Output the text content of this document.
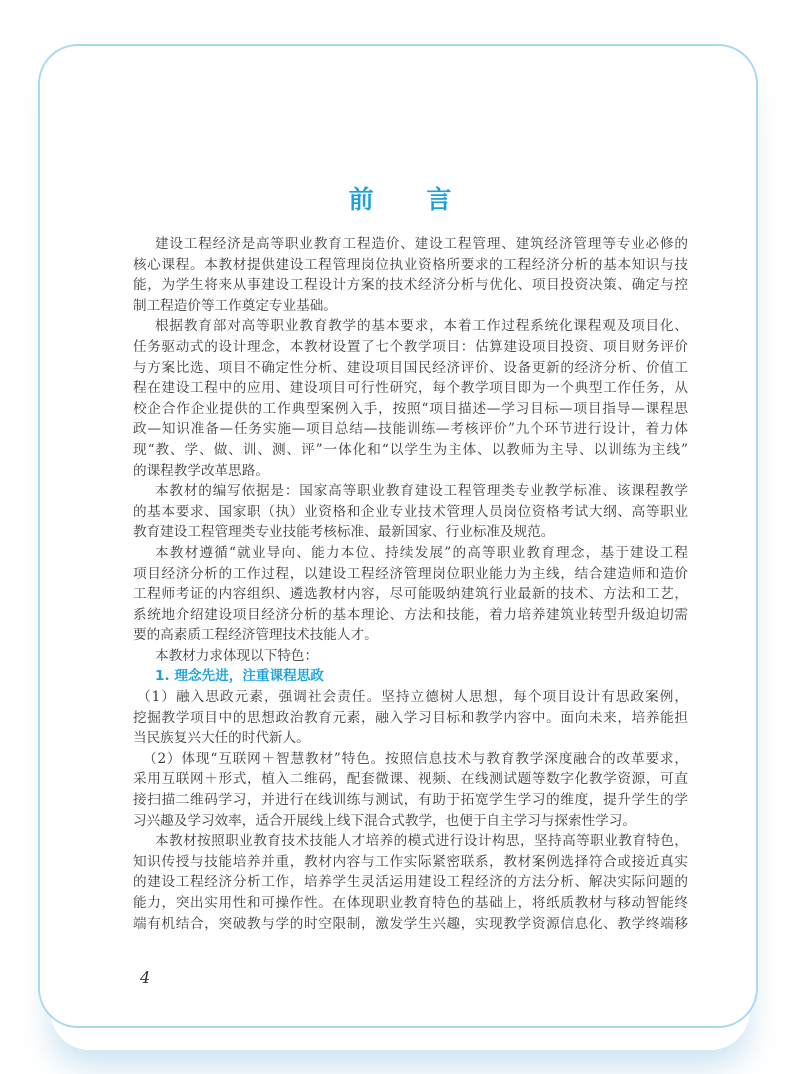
前 言
建设工程经济是高等职业教育工程造价、建设工程管理、建筑经济管理等专业必修的
核心课程。本教材提供建设工程管理岗位执业资格所要求的工程经济分析的基本知识与技
能，为学生将来从事建设工程设计方案的技术经济分析与优化、项目投资决策、确定与控
制工程造价等工作奠定专业基础。
根据教育部对高等职业教育教学的基本要求，本着工作过程系统化课程观及项目化、
任务驱动式的设计理念，本教材设置了七个教学项目：估算建设项目投资、项目财务评价
与方案比选、项目不确定性分析、建设项目国民经济评价、设备更新的经济分析、价值工
程在建设工程中的应用、建设项目可行性研究，每个教学项目即为一个典型工作任务，从
校企合作企业提供的工作典型案例入手，按照“项目描述—学习目标—项目指导—课程思
政—知识准备—任务实施—项目总结—技能训练—考核评价”九个环节进行设计，着力体
现“教、学、做、训、测、评”一体化和“以学生为主体、以教师为主导、以训练为主线”
的课程教学改革思路。
本教材的编写依据是：国家高等职业教育建设工程管理类专业教学标准、该课程教学
的基本要求、国家职（执）业资格和企业专业技术管理人员岗位资格考试大纲、高等职业
教育建设工程管理类专业技能考核标准、最新国家、行业标准及规范。
本教材遵循“就业导向、能力本位、持续发展”的高等职业教育理念，基于建设工程
项目经济分析的工作过程，以建设工程经济管理岗位职业能力为主线，结合建造师和造价
工程师考证的内容组织、遴选教材内容，尽可能吸纳建筑行业最新的技术、方法和工艺，
系统地介绍建设项目经济分析的基本理论、方法和技能，着力培养建筑业转型升级迫切需
要的高素质工程经济管理技术技能人才。
本教材力求体现以下特色：
1. 理念先进，注重课程思政
（1）融入思政元素，强调社会责任。坚持立德树人思想，每个项目设计有思政案例，
挖掘教学项目中的思想政治教育元素，融入学习目标和教学内容中。面向未来，培养能担
当民族复兴大任的时代新人。
（2）体现“互联网＋智慧教材”特色。按照信息技术与教育教学深度融合的改革要求，
采用互联网＋形式，植入二维码，配套微课、视频、在线测试题等数字化教学资源，可直
接扫描二维码学习，并进行在线训练与测试，有助于拓宽学生学习的维度，提升学生的学
习兴趣及学习效率，适合开展线上线下混合式教学，也便于自主学习与探索性学习。
本教材按照职业教育技术技能人才培养的模式进行设计构思，坚持高等职业教育特色，
知识传授与技能培养并重，教材内容与工作实际紧密联系，教材案例选择符合或接近真实
的建设工程经济分析工作，培养学生灵活运用建设工程经济的方法分析、解决实际问题的
能力，突出实用性和可操作性。在体现职业教育特色的基础上，将纸质教材与移动智能终
端有机结合，突破教与学的时空限制，激发学生兴趣，实现教学资源信息化、教学终端移
4
